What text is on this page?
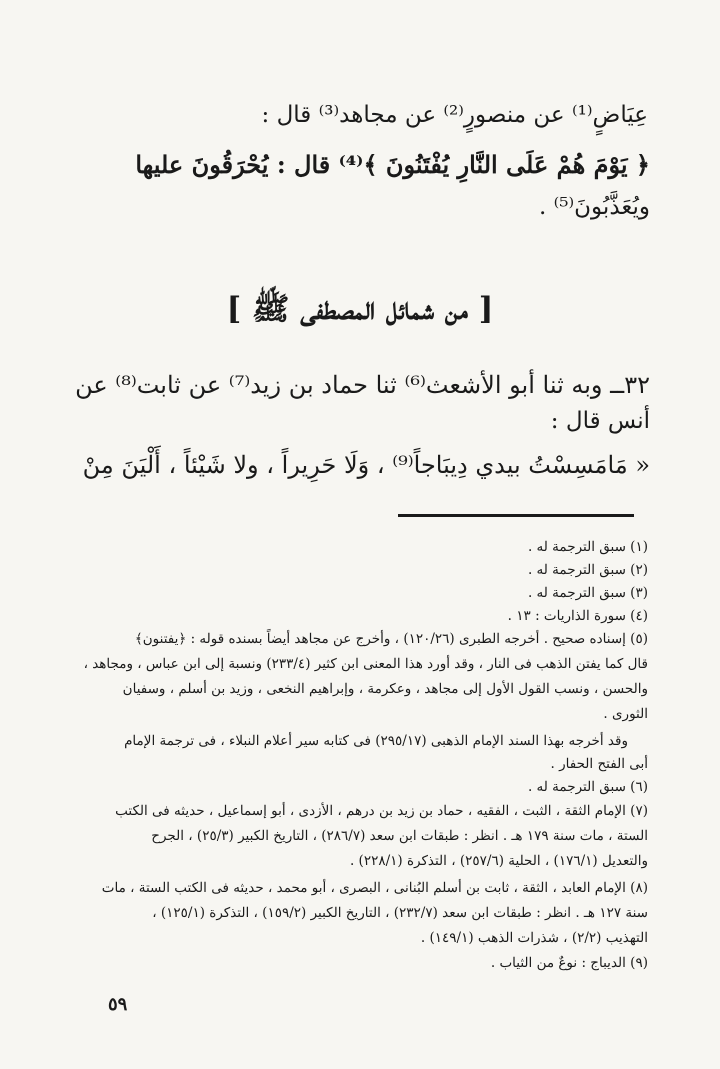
عِيَاضٍ⁽¹⁾ عن منصورٍ⁽²⁾ عن مجاهد⁽³⁾ قال :
﴿ يَوْمَ هُمْ عَلَى النَّارِ يُفْتَنُونَ ﴾⁽⁴⁾ قال : يُحْرَقُونَ عليها
ويُعَذَّبُونَ⁽⁵⁾ .
[ من شمائل المصطفى ﷺ ]
٣٢ــ وبه ثنا أبو الأشعث⁽⁶⁾ ثنا حماد بن زيد⁽⁷⁾ عن ثابت⁽⁸⁾ عن
أنس قال :
« مَامَسِسْتُ بيدي دِيبَاجاً⁽⁹⁾ ، وَلَا حَرِيراً ، ولا شَيْئاً ، أَلْيَنَ مِنْ
(١) سبق الترجمة له .
(٢) سبق الترجمة له .
(٣) سبق الترجمة له .
(٤) سورة الذاريات : ١٣ .
(٥) إسناده صحيح . أخرجه الطبرى (١٢٠/٢٦) ، وأخرج عن مجاهد أيضاً بسنده قوله : ﴿يفتنون﴾
قال كما يفتن الذهب فى النار ، وقد أورد هذا المعنى ابن كثير (٢٣٣/٤) ونسبة إلى ابن عباس ، ومجاهد ،
والحسن ، ونسب القول الأول إلى مجاهد ، وعكرمة ، وإبراهيم النخعى ، وزيد بن أسلم ، وسفيان
الثورى .
وقد أخرجه بهذا السند الإمام الذهبى (٢٩٥/١٧) فى كتابه سير أعلام النبلاء ، فى ترجمة الإمام
أبى الفتح الحفار .
(٦) سبق الترجمة له .
(٧) الإمام الثقة ، الثبت ، الفقيه ، حماد بن زيد بن درهم ، الأزدى ، أبو إسماعيل ، حديثه فى الكتب
الستة ، مات سنة ١٧٩ هـ . انظر : طبقات ابن سعد (٢٨٦/٧) ، التاريخ الكبير (٢٥/٣) ، الجرح
والتعديل (١٧٦/١) ، الحلية (٢٥٧/٦) ، التذكرة (٢٢٨/١) .
(٨) الإمام العابد ، الثقة ، ثابت بن أسلم البُنانى ، البصرى ، أبو محمد ، حديثه فى الكتب الستة ، مات
سنة ١٢٧ هـ . انظر : طبقات ابن سعد (٢٣٢/٧) ، التاريخ الكبير (١٥٩/٢) ، التذكرة (١٢٥/١) ،
التهذيب (٢/٢) ، شذرات الذهب (١٤٩/١) .
(٩) الديباج : نوعٌ من الثياب .
٥٩
